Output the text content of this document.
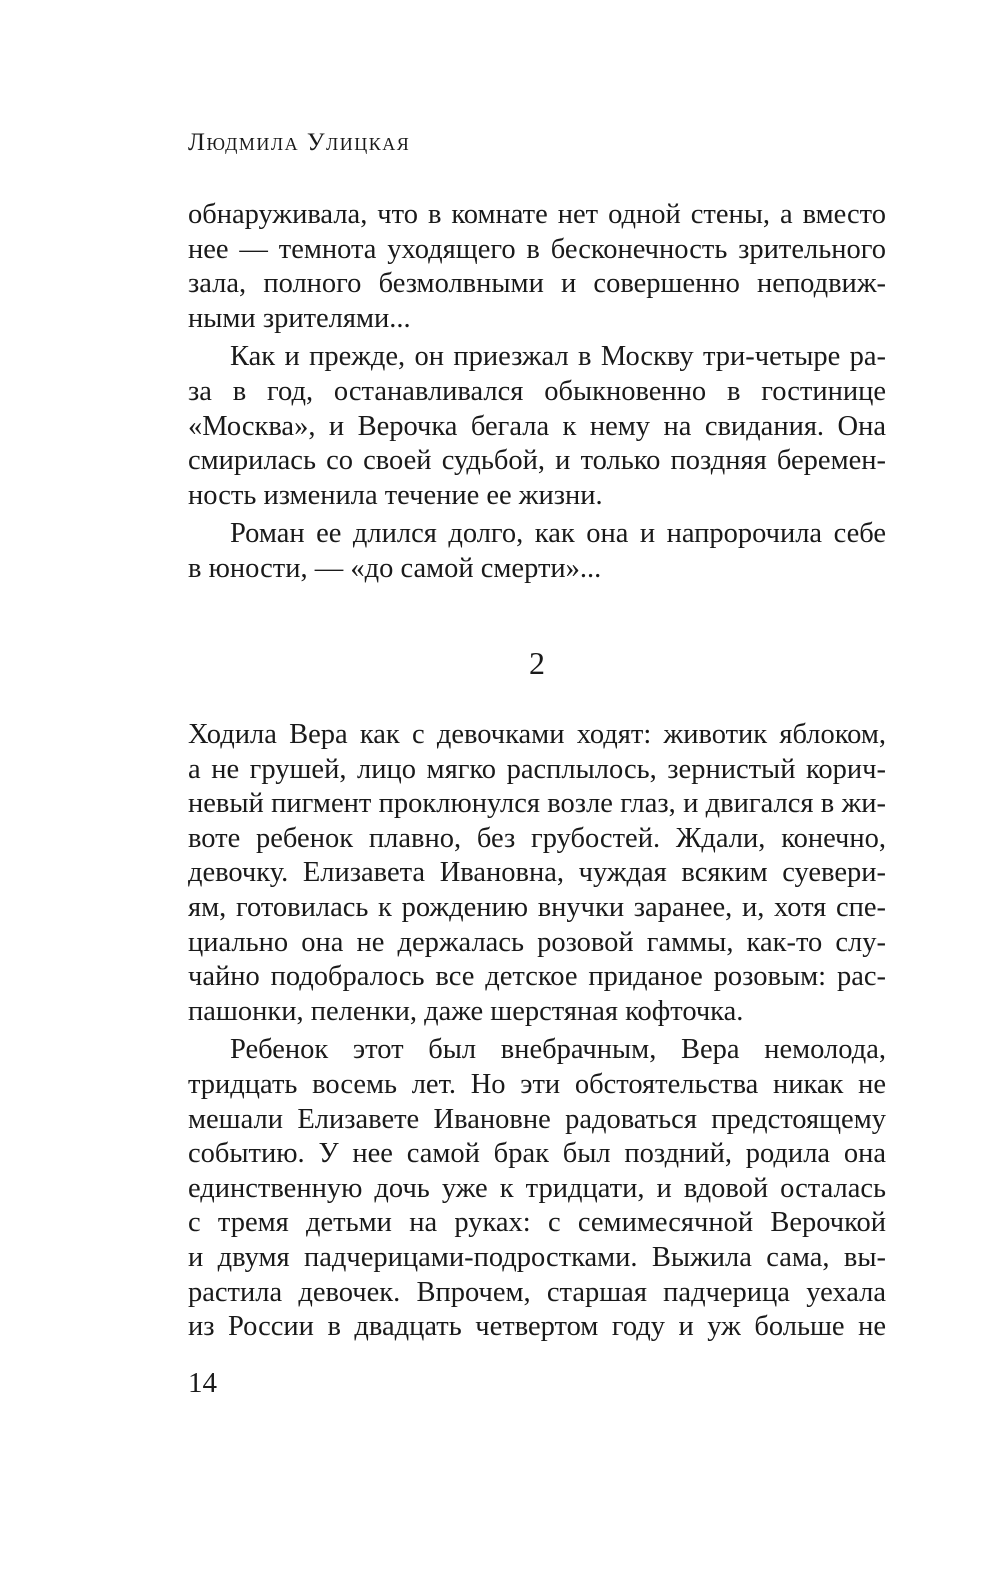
Людмила Улицкая

обнаруживала, что в комнате нет одной стены, а вместо
нее — темнота уходящего в бесконечность зрительного
зала, полного безмолвными и совершенно неподвиж-
ными зрителями...

Как и прежде, он приезжал в Москву три-четыре ра-
за в год, останавливался обыкновенно в гостинице
«Москва», и Верочка бегала к нему на свидания. Она
смирилась со своей судьбой, и только поздняя беремен-
ность изменила течение ее жизни.

Роман ее длился долго, как она и напророчила себе
в юности, — «до самой смерти»...

2

Ходила Вера как с девочками ходят: животик яблоком,
а не грушей, лицо мягко расплылось, зернистый корич-
невый пигмент проклюнулся возле глаз, и двигался в жи-
воте ребенок плавно, без грубостей. Ждали, конечно,
девочку. Елизавета Ивановна, чуждая всяким суевери-
ям, готовилась к рождению внучки заранее, и, хотя спе-
циально она не держалась розовой гаммы, как-то слу-
чайно подобралось все детское приданое розовым: рас-
пашонки, пеленки, даже шерстяная кофточка.

Ребенок этот был внебрачным, Вера немолода,
тридцать восемь лет. Но эти обстоятельства никак не
мешали Елизавете Ивановне радоваться предстоящему
событию. У нее самой брак был поздний, родила она
единственную дочь уже к тридцати, и вдовой осталась
с тремя детьми на руках: с семимесячной Верочкой
и двумя падчерицами-подростками. Выжила сама, вы-
растила девочек. Впрочем, старшая падчерица уехала
из России в двадцать четвертом году и уж больше не

14
